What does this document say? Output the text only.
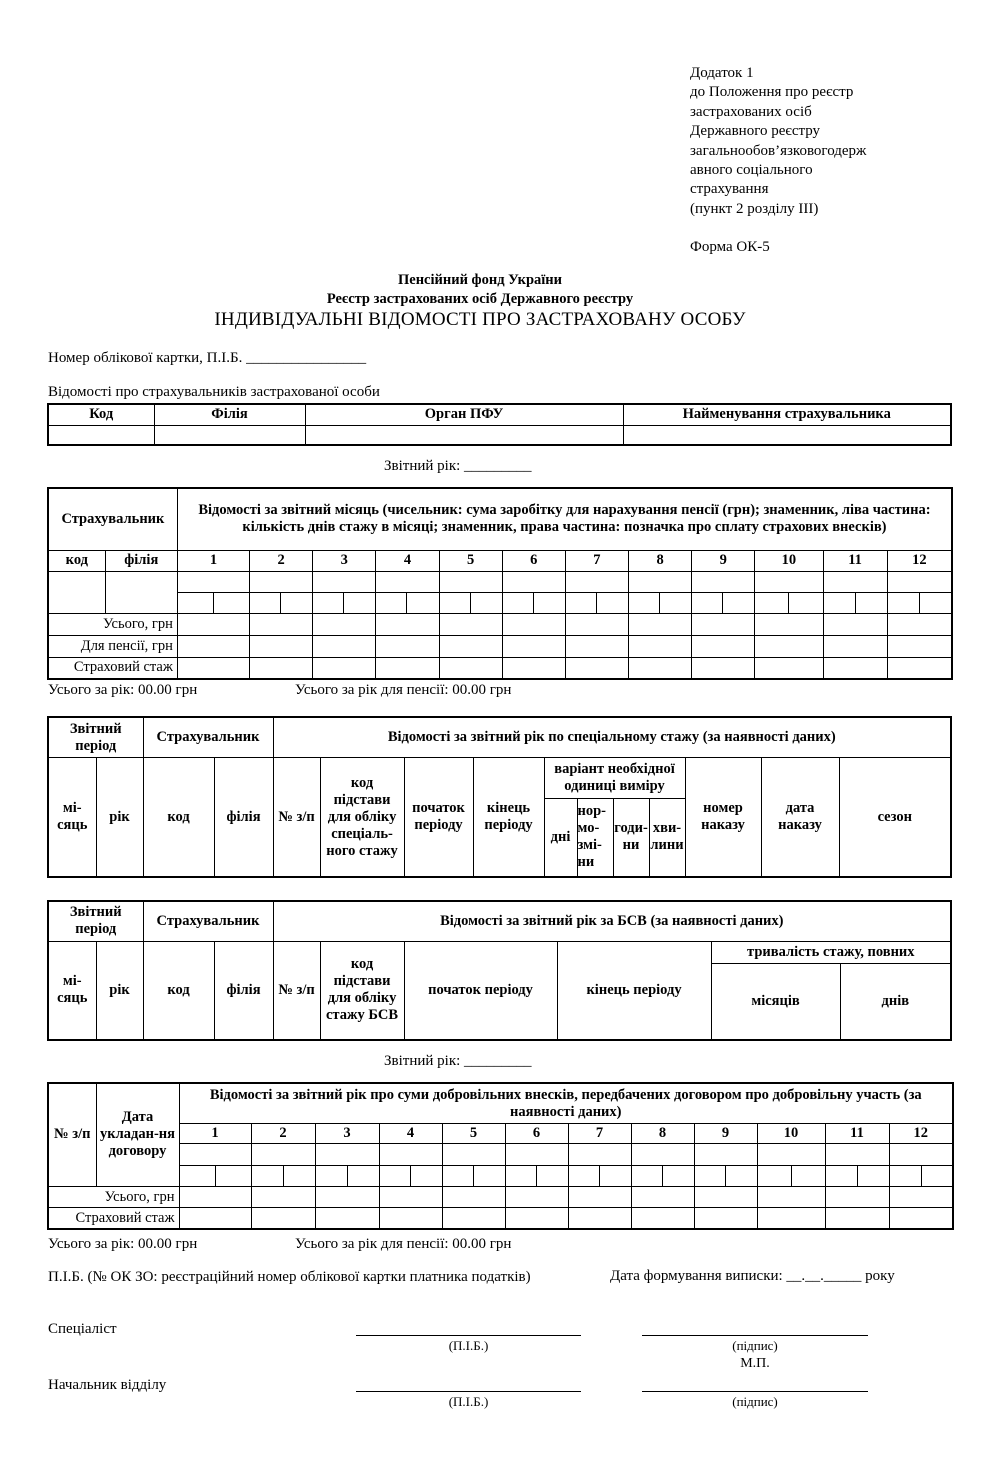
Додаток 1
до Положення про реєстр
застрахованих осіб
Державного реєстру
загальнообов’язковогодерж
авного соціального
страхування
(пункт 2 розділу ІІІ)
Форма ОК-5
Пенсійний фонд України
Реєстр застрахованих осіб Державного реєстру
ІНДИВІДУАЛЬНІ ВІДОМОСТІ ПРО ЗАСТРАХОВАНУ ОСОБУ
Номер облікової картки, П.І.Б. ________________
Відомості про страхувальників застрахованої особи
Код	Філія	Орган ПФУ	Найменування страхувальника

Звітний рік: _________
Страхувальник		Відомості за звітний місяць (чисельник: сума заробітку для нарахування пенсії (грн); знаменник, ліва частина: кількість днів стажу в місяці; знаменник, права частина: позначка про сплату страхових внесків)																							
код	філія	1		2		3		4		5		6		7		8		9		10		11		12	

Усього, грн																									
Для пенсії, грн																									
Страховий стаж																									
Усього за рік: 00.00 грн	Усього за рік для пенсії: 00.00 грн
Звітний період		Страхувальник		Відомості за звітний рік по спеціальному стажу (за наявності даних)										
мі-сяць	рік	код	філія	№ з/п	код підстави для обліку спеціаль-ного стажу	початок періоду	кінець періоду	варіант необхідної одиниці виміру				номер наказу	дата наказу	сезон
								дні	нор-мо-змі-ни	годи-ни	хви-лини			
Звітний період		Страхувальник		Відомості за звітний рік за БСВ (за наявності даних)					
мі-сяць	рік	код	філія	№ з/п	код підстави для обліку стажу БСВ	початок періоду	кінець періоду	тривалість стажу, повних	
								місяців	днів
Звітний рік: _________
№ з/п	Дата укладан-ня договору	Відомості за звітний рік про суми добровільних внесків, передбачених договором про добровільну участь (за наявності даних)																							
		1		2		3		4		5		6		7		8		9		10		11		12	

Усього, грн																									
Страховий стаж																									
Усього за рік: 00.00 грн	Усього за рік для пенсії: 00.00 грн
П.І.Б. (№ ОК ЗО: реєстраційний номер облікової картки платника податків)	Дата формування виписки: __.__._____ року
Спеціаліст
(П.І.Б.)	(підпис)
М.П.
Начальник відділу
(П.І.Б.)	(підпис)
